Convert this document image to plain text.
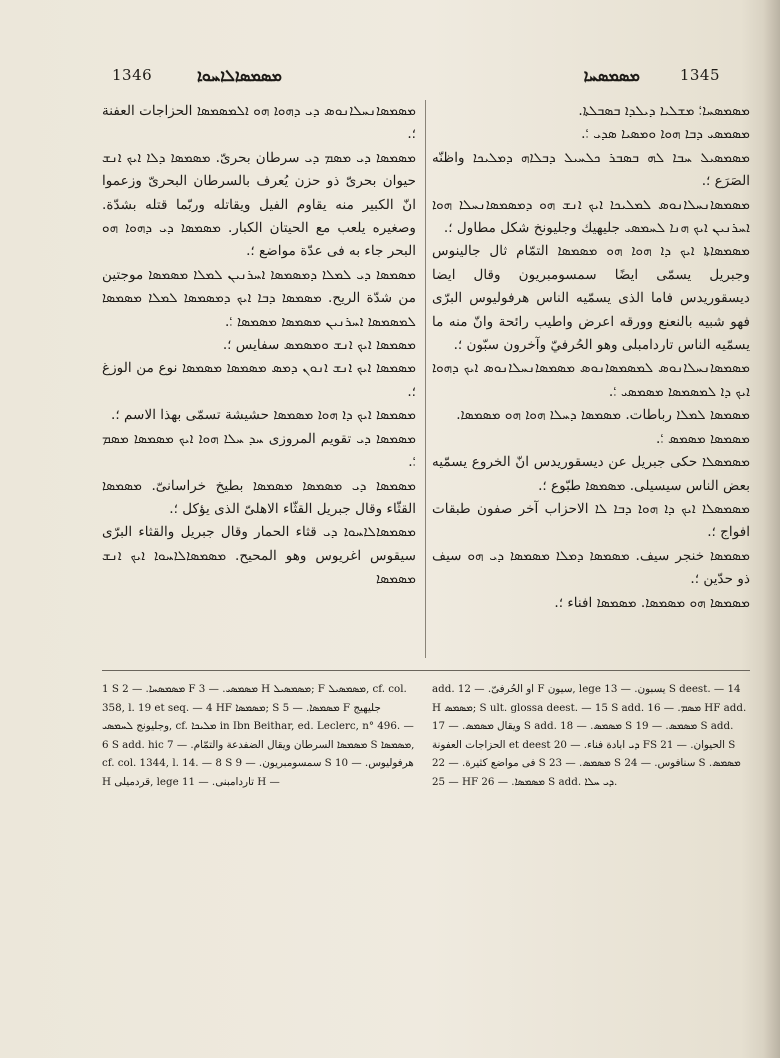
1346	ܡܣܡܣܐܠܐܚܘܐ	ܡܣܡܣܚܐ	1345

ܡܣܡܣܐܢܚܠܐܢܘܣ ܕܝ ܕܗܘܐ ܗܘ ܐܠܡܣܡܣܐ الحزاجات العفنة ؛.

ܡܣܡܣܐ ܕܝ ܡܣܡ ܕܝ سرطان بحرىّ. ܡܣܡܣܐ ܕܠܐ ܐܝܟ ܐܢܫ حيوان بحرىّ ذو حزن يُعرف بالسرطان البحرىّ وزعموا انّ الكبير منه يقاوم الفيل ويقاتله وربّما قتله بشدّة. وصغيره يلعب مع الحيتان الكبار. ܡܣܡܣܐ ܕܝ ܕܗܘܐ ܗܘ البحر جاء به فى عدّة مواضع ؛.

ܡܣܡܣܐ ܕܝ ܠܡܠܐ ܕܡܣܡܣܐ ܐܚܪܢܝܢ ܠܡܠܐ ܡܣܡܣܐ موجتين من شدّة الريح. ܡܣܡܣܐ ܕܒܐ ܐܝܟ ܕܡܣܡܣܐ ܠܡܠܐ ܡܣܡܣܐ ܠܡܣܡܣܐ ܐܚܪܢܝܢ ܡܣܡܣܐ ܡܣܡܣܐ ؛.

ܡܣܡܣܐ ܐܝܟ ܐܢܫ ܘܡܣܡܣ سفايس ؛.

ܡܣܡܣܐ ܐܝܟ ܐܢܫ ܐܢܘܢ ܕܡܣ ܡܣܡܣܐ ܡܣܡܣܐ نوع من الوزغ ؛.

ܡܣܡܣܐ ܐܝܟ ܕܐ ܗܘܐ ܡܣܡܣܐ حشيشة تسمّى بهذا الاسم ؛.

ܡܣܡܣܐ ܕܝ تقويم المروزى ܚܕ ܚܠܐ ܗܘܐ ܐܝܟ ܡܣܡܣܐ ܡܣܡ ؛.

ܡܣܡܣܐ ܕܝ ܡܣܡܣܐ ܡܣܡܣܐ بطيخ خراسانىّ. ܡܣܡܣܐ القثّاء وقال جبريل القثّاء الاهلىّ الذى يؤكل ؛.

ܡܣܡܣܐܠܐܚܘܐ ܕܝ قثاء الحمار وقال جبريل والقثاء البرّى سيقوس اغريوس وهو المحيح. ܡܣܡܣܐܠܐܚܘܐ ܐܝܟ ܐܢܫ ܡܣܡܣܐ

ܡܣܡܣܚܐ؛ ܡܫܠܝܐ ܕܝܠܕܐ ܒܣܒܠܬܐ.

ܡܣܡܣܝ ܕܒܐ ܗܘܐ ܘܡܣܝܐ ܣܕܝ ؛.

ܡܣܡܣܝܠ ܚܒܐ ܠܗ ܒܣܒܪ ܟܠܚܝܠ ܕܒܠܐܗ ܕܡܠܝܟܐ واظنّه الصَرَع ؛.

ܡܣܡܣܐܢܚܠܐܢܘܣ ܠܡܠܝܟܐ ܐܝܟ ܐܢܫ ܗܘ ܕܡܣܡܣܐܢܚܠܐ ܗܘܐ ܐܚܪܢܝܢ ܐܝܟ ܗܢܐ ܠܚܡܣܝ جليهيك وجليونخ شكل مطاول ؛.

ܡܣܡܣܐܬܐ ܐܝܟ ܕܐ ܗܘܐ ܗܘ ܡܣܡܣܐ التمّام ثال جالينوس وجبريل يسمّى ايضًا سمسومبريون وقال ايضا ديسقوريدس فاما الذى يسمّيه الناس هرفوليوس البرّى فهو شبيه بالنعنع وورقه اعرض واطيب رائحة وانّ منه ما يسمّيه الناس تاردامبلى وهو الحُرفيّ وآخرون سبّون ؛.

ܡܣܡܣܐܢܚܠܐܢܘܣ ܠܡܣܡܣܐܢܘܣ ܡܣܡܣܐܢܚܠܐܢܘܣ ܐܝܟ ܕܗܘܐ ܐܝܟ ܕܐ ܠܡܣܡܣܐ ܡܣܡܣܝ ؛.

ܡܣܡܣܐ ܠܡܠܐ رباطات. ܡܣܡܣܐ ܕܚܠܐ ܗܘܐ ܗܘ ܡܣܡܣܐ.

ܡܣܡܣܐ ܡܣܡܣ ؛.

ܡܣܡܣܠܐ حكى جبريل عن ديسقوريدس انّ الخروع يسمّيه بعض الناس سيسيلى. ܡܣܡܣܐ طبّوع ؛.

ܡܣܡܣܠܐ ܐܝܟ ܕܐ ܗܘܐ ܕܒܐ ܠܐ الاحزاب آخر صفون طبقات افواج ؛.

ܡܣܡܣܐ خنجر سيف. ܡܣܡܣܐ ܕܡܠܐ ܡܣܡܣܐ ܕܝ ܗܘ سيف ذو حدّين ؛.

ܡܣܡܣܐ ܗܘ ܡܣܡܣܐ. ܡܣܡܣܐ افناء ؛.

1 S ܡܣܡܣܚܐ. — 2 F ܡܣܡܣܝ. — 3 H ܡܣܡܣܝܠ; F ܡܣܡܣܝܠ, cf. col. 358, l. 19 et seq. — 4 HF ܡܣܡܣܐ; S ܡܣܡܣܐ. — 5 F جليهيج وجليونج ܠܚܡܣܝ, cf. ܡܠܝܟܐ in Ibn Beithar, ed. Leclerc, n° 496. — 6 S add. hic ܡܣܡܣܐ السرطان ويقال الضفدعة والتمّام. — 7 S ܡܣܡܣܐ, cf. col. 1344, l. 14. — 8 S سمسومبريون. — 9 S هرفوليوس. — 10 H قردميلى, lege تاردامبنى. — 11 H —

add. او الحُرفىّ. — 12 F سيون, lege يسبون. — 13 S deest. — 14 H ܡܣܡܣ; S ult. glossa deest. — 15 S add. ܡܣܡ. — 16 HF add. ويقال ܡܣܡܣ. — 17 S add. ܡܣܡܣ. — 18 S ܡܣܡܣ. — 19 S add. الحزاجات العفونة et deest ܕܝ ابادة فناء. — 20 FS الحيوان. — 21 S فى مواضع كثيرة. — 22 S ܡܣܡܣ. — 23 S سنافوس. — 24 S ܡܣܡܣ. — 25 HF ܡܣܡܣܐ. — 26 S add. ܕܝ ܚܠܐ.
